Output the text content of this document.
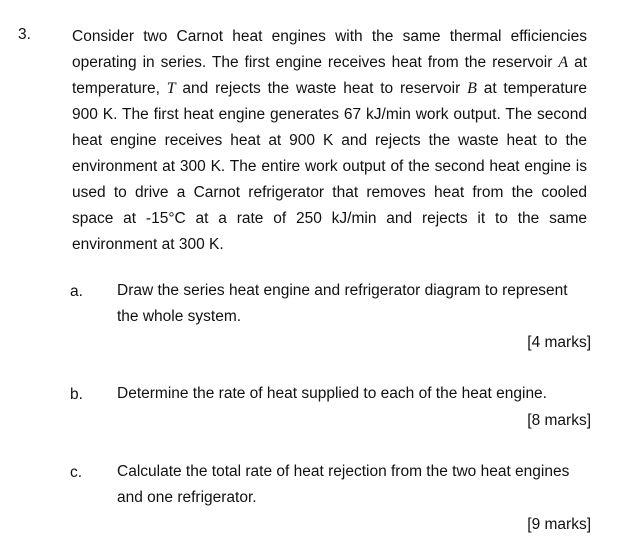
3.	Consider two Carnot heat engines with the same thermal efficiencies operating in series. The first engine receives heat from the reservoir A at temperature, T and rejects the waste heat to reservoir B at temperature 900 K. The first heat engine generates 67 kJ/min work output. The second heat engine receives heat at 900 K and rejects the waste heat to the environment at 300 K. The entire work output of the second heat engine is used to drive a Carnot refrigerator that removes heat from the cooled space at -15°C at a rate of 250 kJ/min and rejects it to the same environment at 300 K.

a. Draw the series heat engine and refrigerator diagram to represent the whole system.

[4 marks]
b. Determine the rate of heat supplied to each of the heat engine.

[8 marks]
c. Calculate the total rate of heat rejection from the two heat engines and one refrigerator.

[9 marks]
